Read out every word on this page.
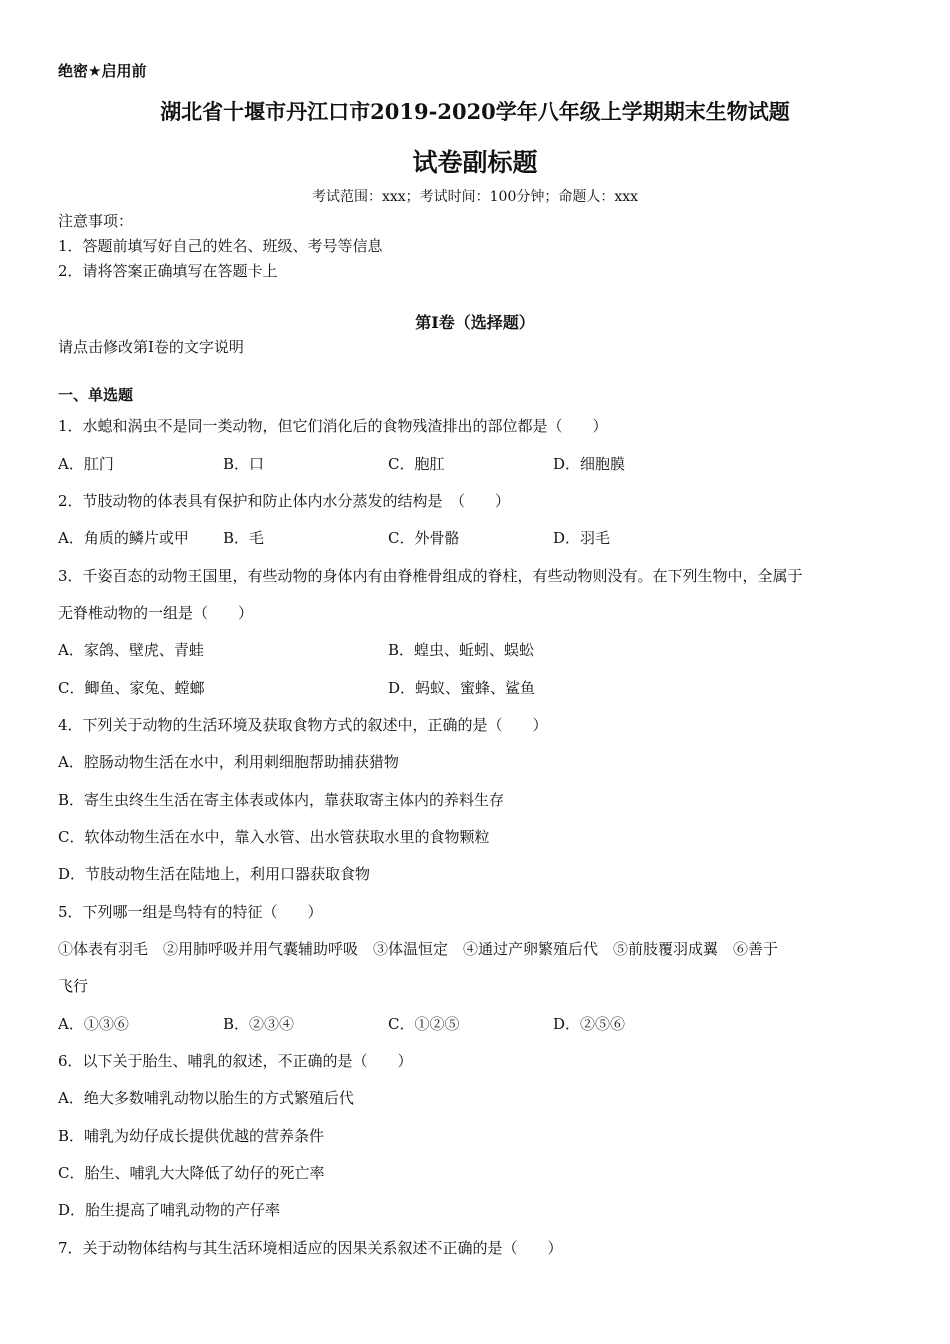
绝密★启用前
湖北省十堰市丹江口市2019-2020学年八年级上学期期末生物试题
试卷副标题
考试范围：xxx；考试时间：100分钟；命题人：xxx
注意事项：
1．答题前填写好自己的姓名、班级、考号等信息
2．请将答案正确填写在答题卡上
第I卷（选择题）
请点击修改第I卷的文字说明
一、单选题
1．水螅和涡虫不是同一类动物，但它们消化后的食物残渣排出的部位都是（　　）
A．肛门	B．口	C．胞肛	D．细胞膜
2．节肢动物的体表具有保护和防止体内水分蒸发的结构是　（　　）
A．角质的鳞片或甲 B．毛	C．外骨骼	D．羽毛
3．千姿百态的动物王国里，有些动物的身体内有由脊椎骨组成的脊柱，有些动物则没有。在下列生物中，全属于
无脊椎动物的一组是（　　）
A．家鸽、壁虎、青蛙	B．蝗虫、蚯蚓、蜈蚣
C．鲫鱼、家兔、螳螂	D．蚂蚁、蜜蜂、鲨鱼
4．下列关于动物的生活环境及获取食物方式的叙述中，正确的是（　　）
A．腔肠动物生活在水中，利用刺细胞帮助捕获猎物
B．寄生虫终生生活在寄主体表或体内，靠获取寄主体内的养料生存
C．软体动物生活在水中，靠入水管、出水管获取水里的食物颗粒
D．节肢动物生活在陆地上，利用口器获取食物
5．下列哪一组是鸟特有的特征（　　）
①体表有羽毛　②用肺呼吸并用气囊辅助呼吸　③体温恒定　④通过产卵繁殖后代　⑤前肢覆羽成翼　⑥善于
飞行
A．①③⑥	B．②③④	C．①②⑤	D．②⑤⑥
6．以下关于胎生、哺乳的叙述，不正确的是（　　）
A．绝大多数哺乳动物以胎生的方式繁殖后代
B．哺乳为幼仔成长提供优越的营养条件
C．胎生、哺乳大大降低了幼仔的死亡率
D．胎生提高了哺乳动物的产仔率
7．关于动物体结构与其生活环境相适应的因果关系叙述不正确的是（　　）
